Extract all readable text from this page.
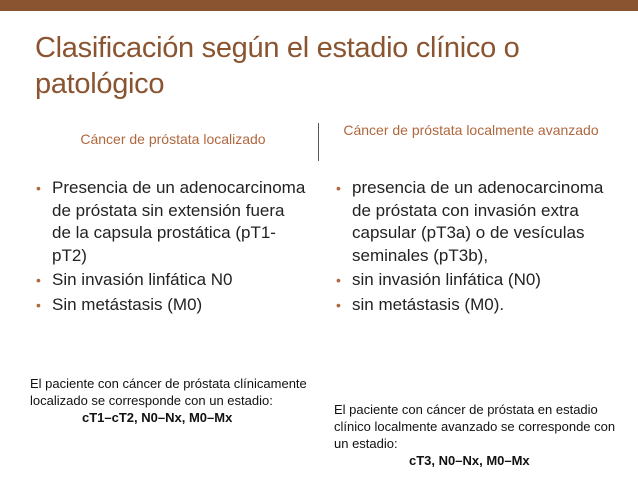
Clasificación según el estadio clínico o patológico
Cáncer de próstata localizado
Cáncer de próstata localmente avanzado
• Presencia de un adenocarcinoma de próstata sin extensión fuera de la capsula prostática (pT1-pT2)
• Sin invasión linfática N0
• Sin metástasis (M0)
• presencia de un adenocarcinoma de próstata con invasión extra capsular (pT3a) o de vesículas seminales (pT3b),
• sin invasión linfática (N0)
• sin metástasis (M0).
El paciente con cáncer de próstata clínicamente localizado se corresponde con un estadio:
cT1–cT2, N0–Nx, M0–Mx
El paciente con cáncer de próstata en estadio clínico localmente avanzado se corresponde con un estadio:
cT3, N0–Nx, M0–Mx
